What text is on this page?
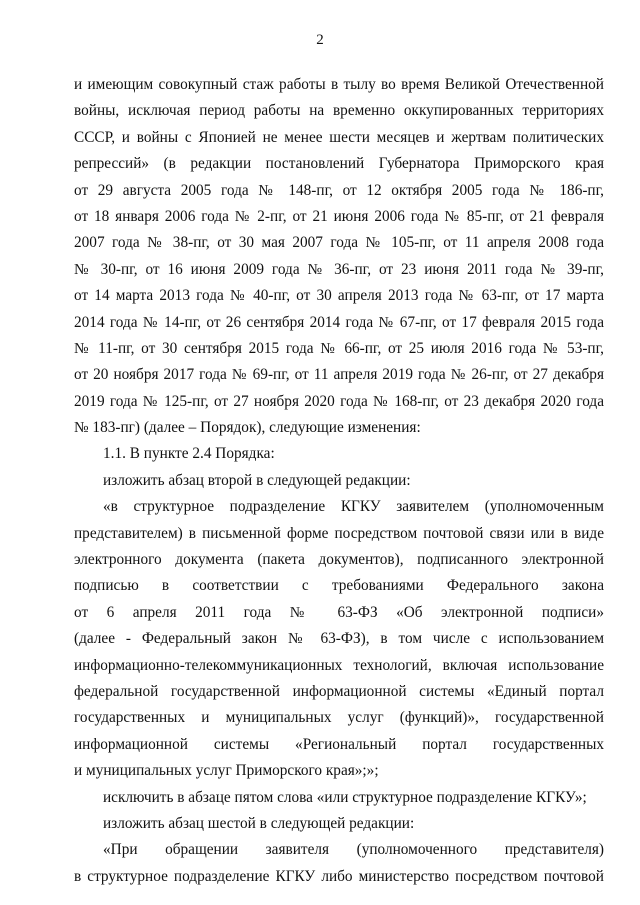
2
и имеющим совокупный стаж работы в тылу во время Великой Отечественной
войны, исключая период работы на временно оккупированных территориях
СССР, и войны с Японией не менее шести месяцев и жертвам политических
репрессий» (в редакции постановлений Губернатора Приморского края
от 29 августа 2005 года № 148-пг, от 12 октября 2005 года № 186-пг,
от 18 января 2006 года № 2-пг, от 21 июня 2006 года № 85-пг, от 21 февраля
2007 года № 38-пг, от 30 мая 2007 года № 105-пг, от 11 апреля 2008 года
№ 30-пг, от 16 июня 2009 года № 36-пг, от 23 июня 2011 года № 39-пг,
от 14 марта 2013 года № 40-пг, от 30 апреля 2013 года № 63-пг, от 17 марта
2014 года № 14-пг, от 26 сентября 2014 года № 67-пг, от 17 февраля 2015 года
№ 11-пг, от 30 сентября 2015 года № 66-пг, от 25 июля 2016 года № 53-пг,
от 20 ноября 2017 года № 69-пг, от 11 апреля 2019 года № 26-пг, от 27 декабря
2019 года № 125-пг, от 27 ноября 2020 года № 168-пг, от 23 декабря 2020 года
№ 183-пг) (далее – Порядок), следующие изменения:
1.1. В пункте 2.4 Порядка:
изложить абзац второй в следующей редакции:
«в структурное подразделение КГКУ заявителем (уполномоченным
представителем) в письменной форме посредством почтовой связи или в виде
электронного документа (пакета документов), подписанного электронной
подписью в соответствии с требованиями Федерального закона
от 6 апреля 2011 года № 63-ФЗ «Об электронной подписи»
(далее - Федеральный закон № 63-ФЗ), в том числе с использованием
информационно-телекоммуникационных технологий, включая использование
федеральной государственной информационной системы «Единый портал
государственных и муниципальных услуг (функций)», государственной
информационной системы «Региональный портал государственных
и муниципальных услуг Приморского края»;»;
исключить в абзаце пятом слова «или структурное подразделение КГКУ»;
изложить абзац шестой в следующей редакции:
«При обращении заявителя (уполномоченного представителя)
в структурное подразделение КГКУ либо министерство посредством почтовой
